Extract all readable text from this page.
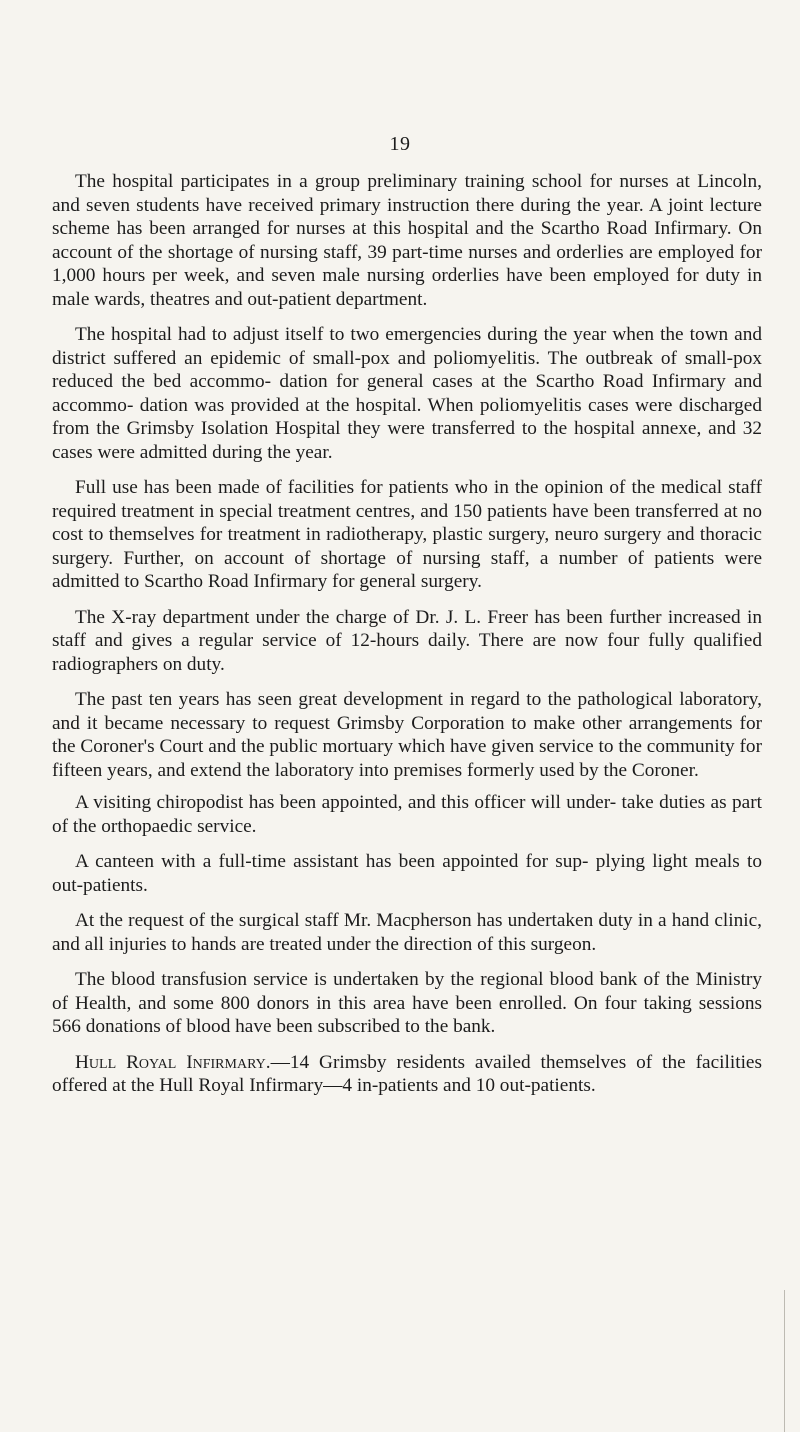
19

The hospital participates in a group preliminary training school for nurses at Lincoln, and seven students have received primary instruction there during the year. A joint lecture scheme has been arranged for nurses at this hospital and the Scartho Road Infirmary. On account of the shortage of nursing staff, 39 part-time nurses and orderlies are employed for 1,000 hours per week, and seven male nursing orderlies have been employed for duty in male wards, theatres and out-patient department.

The hospital had to adjust itself to two emergencies during the year when the town and district suffered an epidemic of small-pox and poliomyelitis. The outbreak of small-pox reduced the bed accommo- dation for general cases at the Scartho Road Infirmary and accommo- dation was provided at the hospital. When poliomyelitis cases were discharged from the Grimsby Isolation Hospital they were transferred to the hospital annexe, and 32 cases were admitted during the year.

Full use has been made of facilities for patients who in the opinion of the medical staff required treatment in special treatment centres, and 150 patients have been transferred at no cost to themselves for treatment in radiotherapy, plastic surgery, neuro surgery and thoracic surgery. Further, on account of shortage of nursing staff, a number of patients were admitted to Scartho Road Infirmary for general surgery.

The X-ray department under the charge of Dr. J. L. Freer has been further increased in staff and gives a regular service of 12-hours daily. There are now four fully qualified radiographers on duty.

The past ten years has seen great development in regard to the pathological laboratory, and it became necessary to request Grimsby Corporation to make other arrangements for the Coroner's Court and the public mortuary which have given service to the community for fifteen years, and extend the laboratory into premises formerly used by the Coroner.

A visiting chiropodist has been appointed, and this officer will under- take duties as part of the orthopaedic service.

A canteen with a full-time assistant has been appointed for sup- plying light meals to out-patients.

At the request of the surgical staff Mr. Macpherson has undertaken duty in a hand clinic, and all injuries to hands are treated under the direction of this surgeon.

The blood transfusion service is undertaken by the regional blood bank of the Ministry of Health, and some 800 donors in this area have been enrolled. On four taking sessions 566 donations of blood have been subscribed to the bank.

Hull Royal Infirmary.—14 Grimsby residents availed themselves of the facilities offered at the Hull Royal Infirmary—4 in-patients and 10 out-patients.
